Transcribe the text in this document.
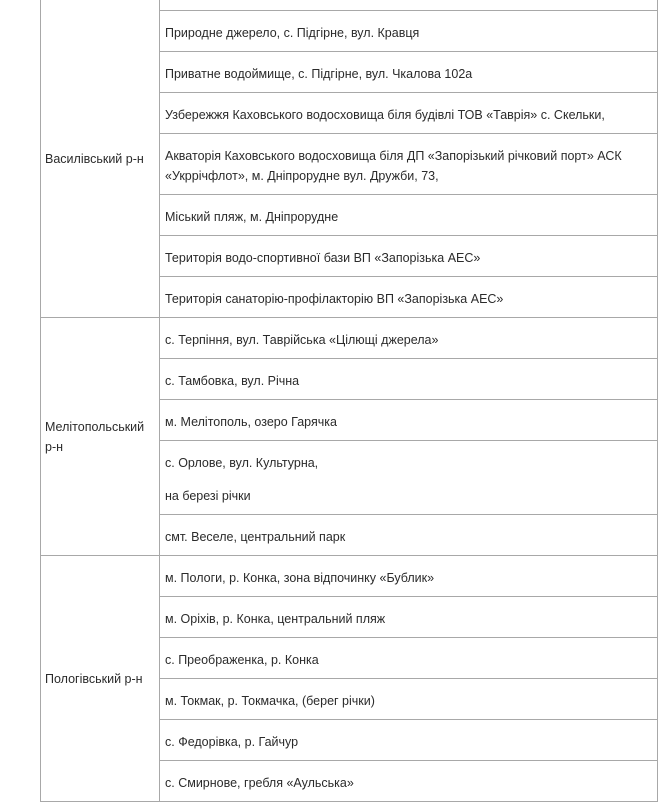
Василівський р-н
Мелітопольський р-н
Пологівський р-н
Природне джерело, с. Підгірне, вул. Кравця
Приватне водоймище, с. Підгірне, вул. Чкалова 102а
Узбережжя Каховського водосховища біля будівлі ТОВ «Таврія» с. Скельки,
Акваторія Каховського водосховища біля ДП «Запорізький річковий порт» АСК «Укррічфлот», м. Дніпрорудне вул. Дружби, 73,
Міський пляж, м. Дніпрорудне
Територія водо-спортивної бази ВП «Запорізька АЕС»
Територія санаторію-профілакторію ВП «Запорізька АЕС»
с. Терпіння, вул. Таврійська «Цілющі джерела»
с. Тамбовка, вул. Річна
м. Мелітополь, озеро Гарячка
с. Орлове, вул. Культурна,
на березі річки
смт. Веселе, центральний парк
м. Пологи, р. Конка, зона відпочинку «Бублик»
м. Оріхів, р. Конка, центральний пляж
с. Преображенка, р. Конка
м. Токмак, р. Токмачка, (берег річки)
с. Федорівка, р. Гайчур
с. Смирнове, гребля «Аульська»
